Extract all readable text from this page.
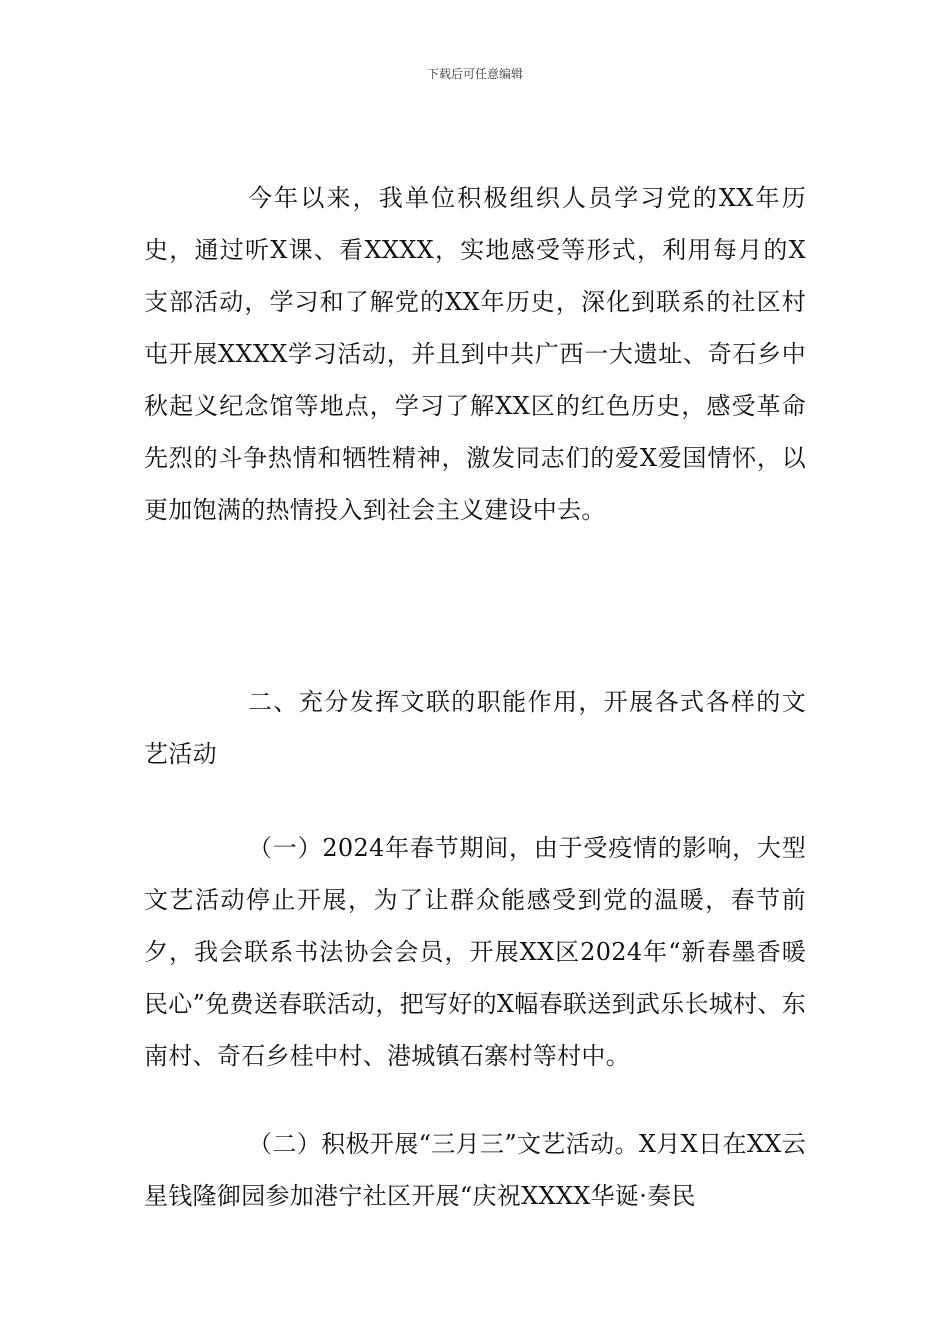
下载后可任意编辑

今年以来，我单位积极组织人员学习党的XX年历史，通过听X课、看XXXX，实地感受等形式，利用每月的X支部活动，学习和了解党的XX年历史，深化到联系的社区村屯开展XXXX学习活动，并且到中共广西一大遗址、奇石乡中秋起义纪念馆等地点，学习了解XX区的红色历史，感受革命先烈的斗争热情和牺牲精神，激发同志们的爱X爱国情怀，以更加饱满的热情投入到社会主义建设中去。

二、充分发挥文联的职能作用，开展各式各样的文艺活动

（一）2024年春节期间，由于受疫情的影响，大型文艺活动停止开展，为了让群众能感受到党的温暖，春节前夕，我会联系书法协会会员，开展XX区2024年“新春墨香暖民心”免费送春联活动，把写好的X幅春联送到武乐长城村、东南村、奇石乡桂中村、港城镇石寨村等村中。

（二）积极开展“三月三”文艺活动。X月X日在XX云星钱隆御园参加港宁社区开展“庆祝XXXX华诞·奏民
